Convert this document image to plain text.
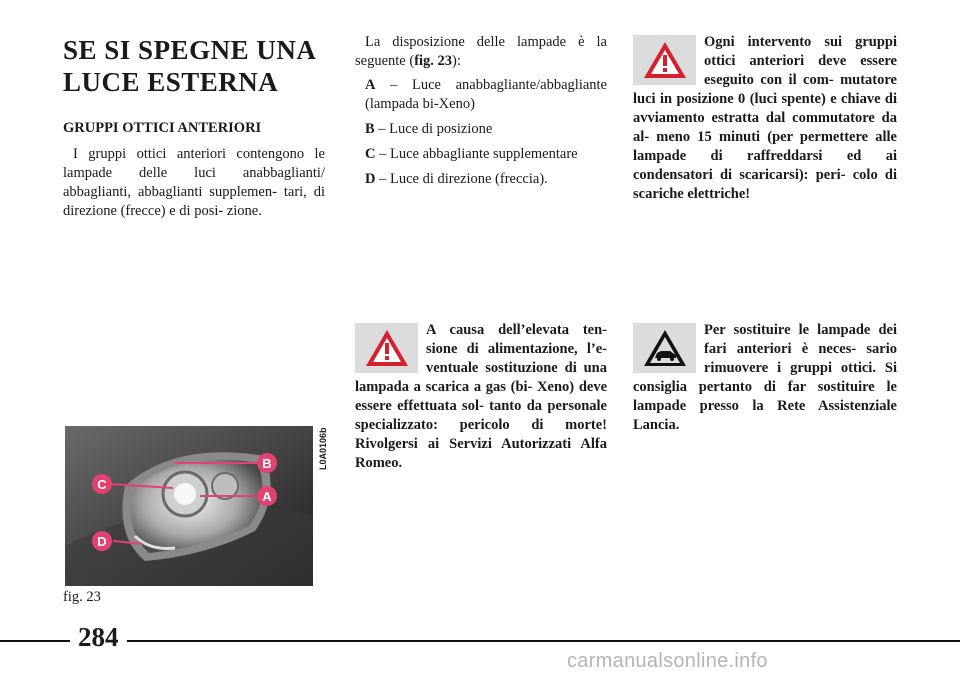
SE SI SPEGNE UNA LUCE ESTERNA
GRUPPI OTTICI ANTERIORI
I gruppi ottici anteriori contengono le lampade delle luci anabbaglianti/ abbaglianti, abbaglianti supplemen- tari, di direzione (frecce) e di posi- zione.

La disposizione delle lampade è la seguente (fig. 23):

A – Luce anabbagliante/abbagliante (lampada bi-Xeno)

B – Luce di posizione

C – Luce abbagliante supplementare

D – Luce di direzione (freccia).

Ogni intervento sui gruppi ottici anteriori deve essere eseguito con il com- mutatore luci in posizione 0 (luci spente) e chiave di avviamento estratta dal commutatore da al- meno 15 minuti (per permettere alle lampade di raffreddarsi ed ai condensatori di scaricarsi): peri- colo di scariche elettriche!
A causa dell’elevata ten- sione di alimentazione, l’e- ventuale sostituzione di una lampada a scarica a gas (bi- Xeno) deve essere effettuata sol- tanto da personale specializzato: pericolo di morte! Rivolgersi ai Servizi Autorizzati Alfa Romeo.
Per sostituire le lampade dei fari anteriori è neces- sario rimuovere i gruppi ottici. Si consiglia pertanto di far sostituire le lampade presso la Rete Assistenziale Lancia.
B
C
A
D
L0A0106b
fig. 23
284
carmanualsonline.info
